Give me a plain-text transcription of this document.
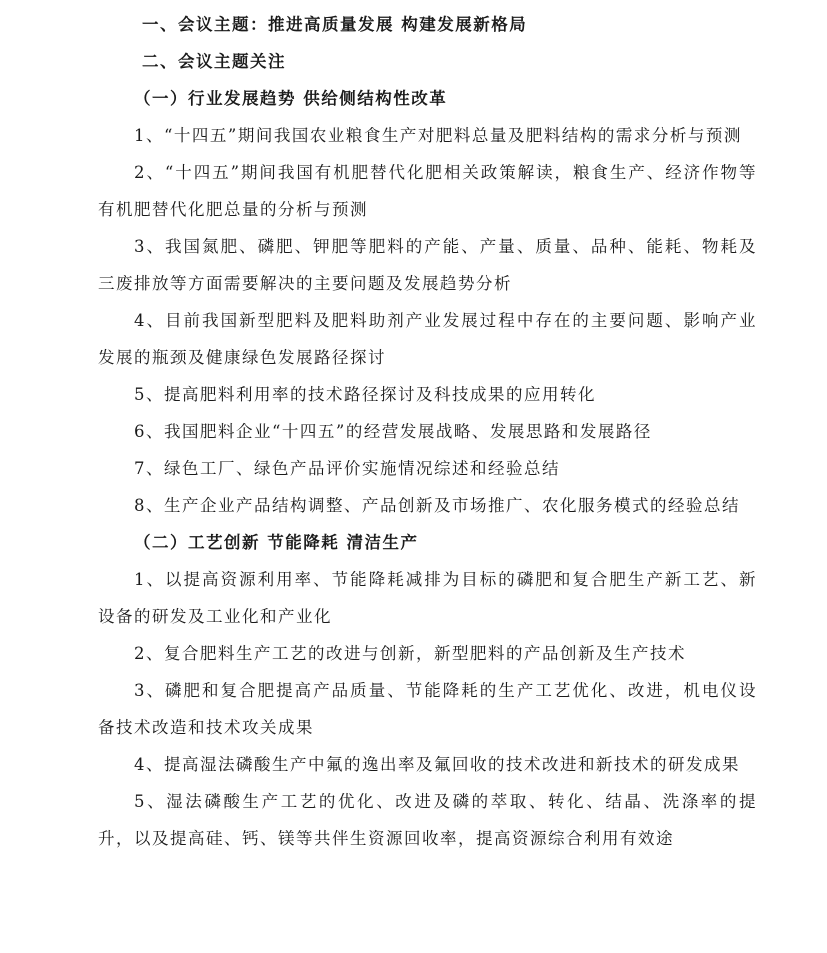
一、会议主题：推进高质量发展 构建发展新格局
二、会议主题关注
（一）行业发展趋势 供给侧结构性改革
1、“十四五”期间我国农业粮食生产对肥料总量及肥料结构的需求分析与预测
2、“十四五”期间我国有机肥替代化肥相关政策解读，粮食生产、经济作物等有机肥替代化肥总量的分析与预测
3、我国氮肥、磷肥、钾肥等肥料的产能、产量、质量、品种、能耗、物耗及三废排放等方面需要解决的主要问题及发展趋势分析
4、目前我国新型肥料及肥料助剂产业发展过程中存在的主要问题、影响产业发展的瓶颈及健康绿色发展路径探讨
5、提高肥料利用率的技术路径探讨及科技成果的应用转化
6、我国肥料企业“十四五”的经营发展战略、发展思路和发展路径
7、绿色工厂、绿色产品评价实施情况综述和经验总结
8、生产企业产品结构调整、产品创新及市场推广、农化服务模式的经验总结
（二）工艺创新 节能降耗 清洁生产
1、以提高资源利用率、节能降耗减排为目标的磷肥和复合肥生产新工艺、新设备的研发及工业化和产业化
2、复合肥料生产工艺的改进与创新，新型肥料的产品创新及生产技术
3、磷肥和复合肥提高产品质量、节能降耗的生产工艺优化、改进，机电仪设备技术改造和技术攻关成果
4、提高湿法磷酸生产中氟的逸出率及氟回收的技术改进和新技术的研发成果
5、湿法磷酸生产工艺的优化、改进及磷的萃取、转化、结晶、洗涤率的提升，以及提高硅、钙、镁等共伴生资源回收率，提高资源综合利用有效途
